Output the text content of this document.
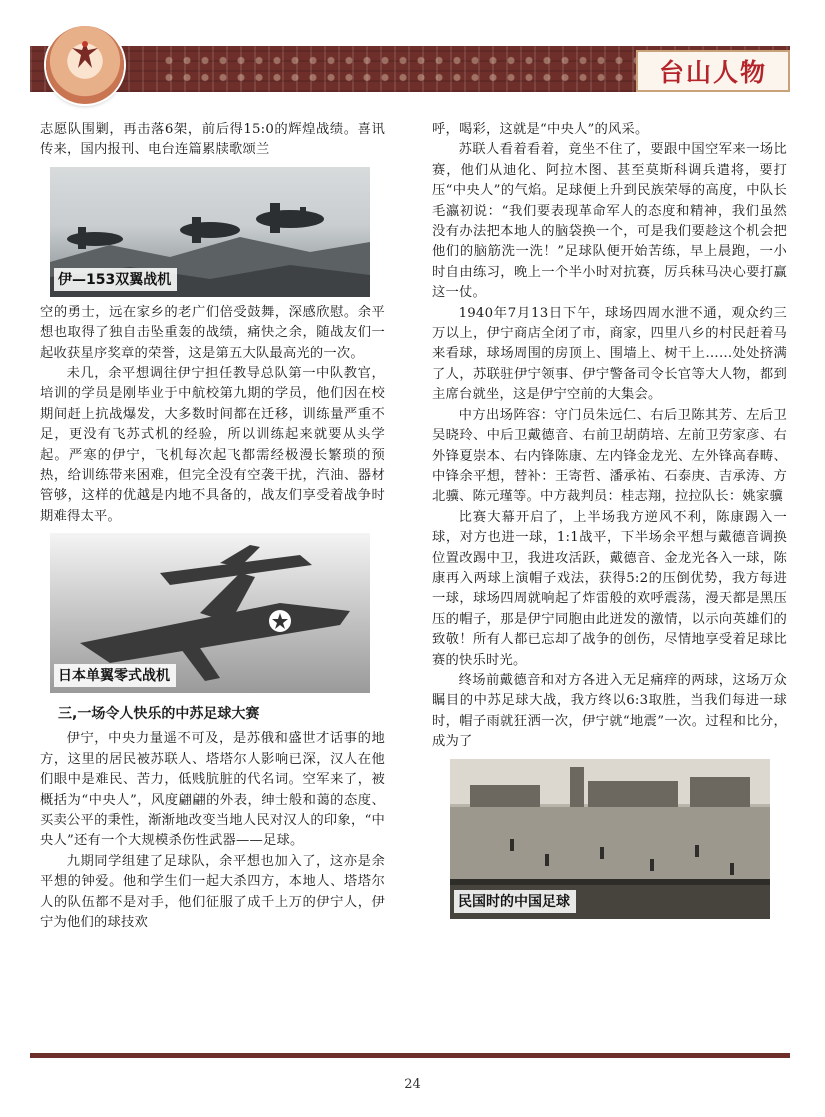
台山人物

志愿队围剿，再击落6架，前后得15:0的辉煌战绩。喜讯传来，国内报刊、电台连篇累牍歌颂兰

伊—153双翼战机

空的勇士，远在家乡的老广们倍受鼓舞，深感欣慰。余平想也取得了独自击坠重轰的战绩，痛快之余，随战友们一起收获星序奖章的荣誉，这是第五大队最高光的一次。

未几，余平想调往伊宁担任教导总队第一中队教官，培训的学员是刚毕业于中航校第九期的学员，他们因在校期间赶上抗战爆发，大多数时间都在迁移，训练量严重不足，更没有飞苏式机的经验，所以训练起来就要从头学起。严寒的伊宁，飞机每次起飞都需经极漫长繁琐的预热，给训练带来困难，但完全没有空袭干扰，汽油、器材管够，这样的优越是内地不具备的，战友们享受着战争时期难得太平。

日本单翼零式战机
三,一场令人快乐的中苏足球大赛

伊宁，中央力量遥不可及，是苏俄和盛世才话事的地方，这里的居民被苏联人、塔塔尔人影响已深，汉人在他们眼中是难民、苦力，低贱肮脏的代名词。空军来了，被概括为“中央人”，风度翩翩的外表，绅士般和蔼的态度、买卖公平的秉性，渐渐地改变当地人民对汉人的印象，“中央人”还有一个大规模杀伤性武器——足球。

九期同学组建了足球队，余平想也加入了，这亦是余平想的钟爱。他和学生们一起大杀四方，本地人、塔塔尔人的队伍都不是对手，他们征服了成千上万的伊宁人，伊宁为他们的球技欢

呼，喝彩，这就是“中央人”的风采。

苏联人看着看着，竟坐不住了，要跟中国空军来一场比赛，他们从迪化、阿拉木图、甚至莫斯科调兵遣将，要打压“中央人”的气焰。足球便上升到民族荣辱的高度，中队长毛瀛初说：“我们要表现革命军人的态度和精神，我们虽然没有办法把本地人的脑袋换一个，可是我们要趁这个机会把他们的脑筋洗一洗！”足球队便开始苦练，早上晨跑，一小时自由练习，晚上一个半小时对抗赛，厉兵秣马决心要打赢这一仗。

1940年7月13日下午，球场四周水泄不通，观众约三万以上，伊宁商店全闭了市，商家，四里八乡的村民赶着马来看球，球场周围的房顶上、围墙上、树干上……处处挤满了人，苏联驻伊宁领事、伊宁警备司令长官等大人物，都到主席台就坐，这是伊宁空前的大集会。

中方出场阵容：守门员朱远仁、右后卫陈其芳、左后卫吴晓玲、中后卫戴德音、右前卫胡荫培、左前卫劳家彦、右外锋夏崇本、右内锋陈康、左内锋金龙光、左外锋高春畴、中锋余平想，替补：王寄哲、潘承祐、石泰庚、吉承涛、方北骥、陈元瑾等。中方裁判员：桂志翔，拉拉队长：姚家骥

比赛大幕开启了，上半场我方逆风不利，陈康踢入一球，对方也进一球，1:1战平，下半场余平想与戴德音调换位置改踢中卫，我进攻活跃，戴德音、金龙光各入一球，陈康再入两球上演帽子戏法，获得5:2的压倒优势，我方每进一球，球场四周就响起了炸雷般的欢呼震荡，漫天都是黑压压的帽子，那是伊宁同胞由此迸发的激情，以示向英雄们的致敬！所有人都已忘却了战争的创伤，尽情地享受着足球比赛的快乐时光。

终场前戴德音和对方各进入无足痛痒的两球，这场万众瞩目的中苏足球大战，我方终以6:3取胜，当我们每进一球时，帽子雨就狂洒一次，伊宁就“地震”一次。过程和比分，成为了

民国时的中国足球
24
